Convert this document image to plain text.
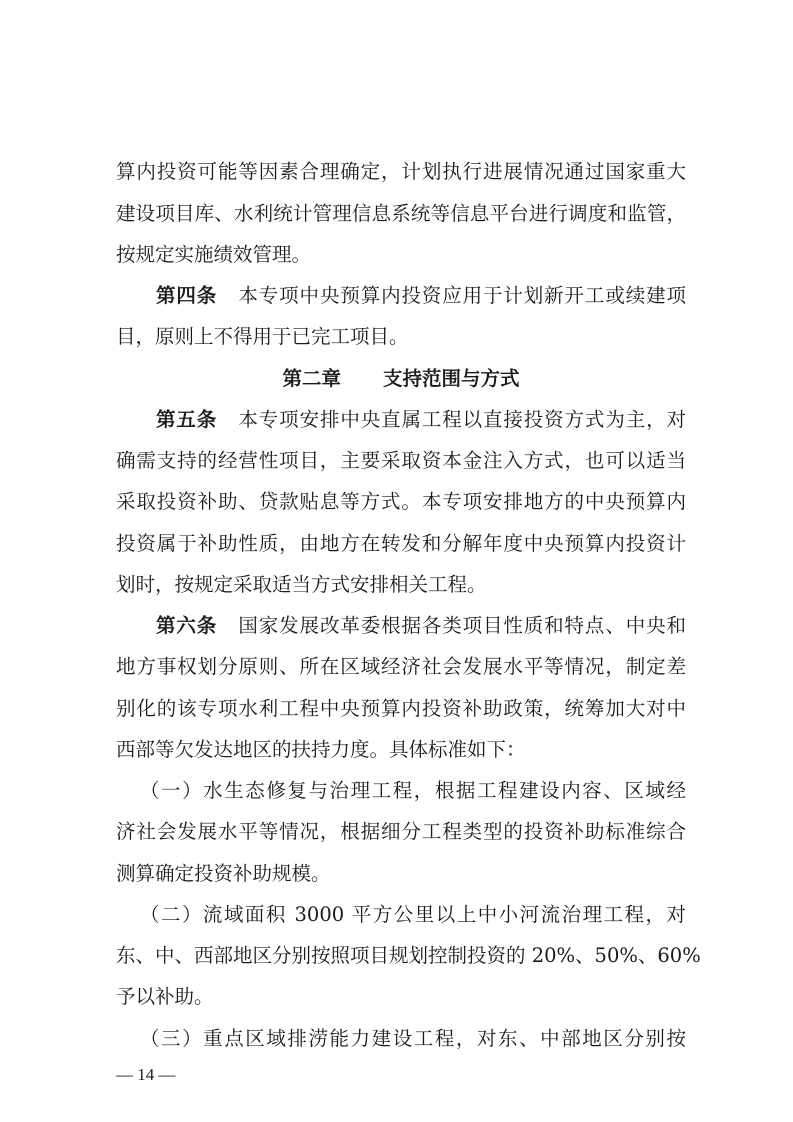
算内投资可能等因素合理确定，计划执行进展情况通过国家重大
建设项目库、水利统计管理信息系统等信息平台进行调度和监管，
按规定实施绩效管理。
第四条 本专项中央预算内投资应用于计划新开工或续建项
目，原则上不得用于已完工项目。
第二章 支持范围与方式
第五条 本专项安排中央直属工程以直接投资方式为主，对
确需支持的经营性项目，主要采取资本金注入方式，也可以适当
采取投资补助、贷款贴息等方式。本专项安排地方的中央预算内
投资属于补助性质，由地方在转发和分解年度中央预算内投资计
划时，按规定采取适当方式安排相关工程。
第六条 国家发展改革委根据各类项目性质和特点、中央和
地方事权划分原则、所在区域经济社会发展水平等情况，制定差
别化的该专项水利工程中央预算内投资补助政策，统筹加大对中
西部等欠发达地区的扶持力度。具体标准如下：
（一）水生态修复与治理工程，根据工程建设内容、区域经
济社会发展水平等情况，根据细分工程类型的投资补助标准综合
测算确定投资补助规模。
（二）流域面积 3000 平方公里以上中小河流治理工程，对
东、中、西部地区分别按照项目规划控制投资的 20%、50%、60%
予以补助。
（三）重点区域排涝能力建设工程，对东、中部地区分别按
— 14 —
